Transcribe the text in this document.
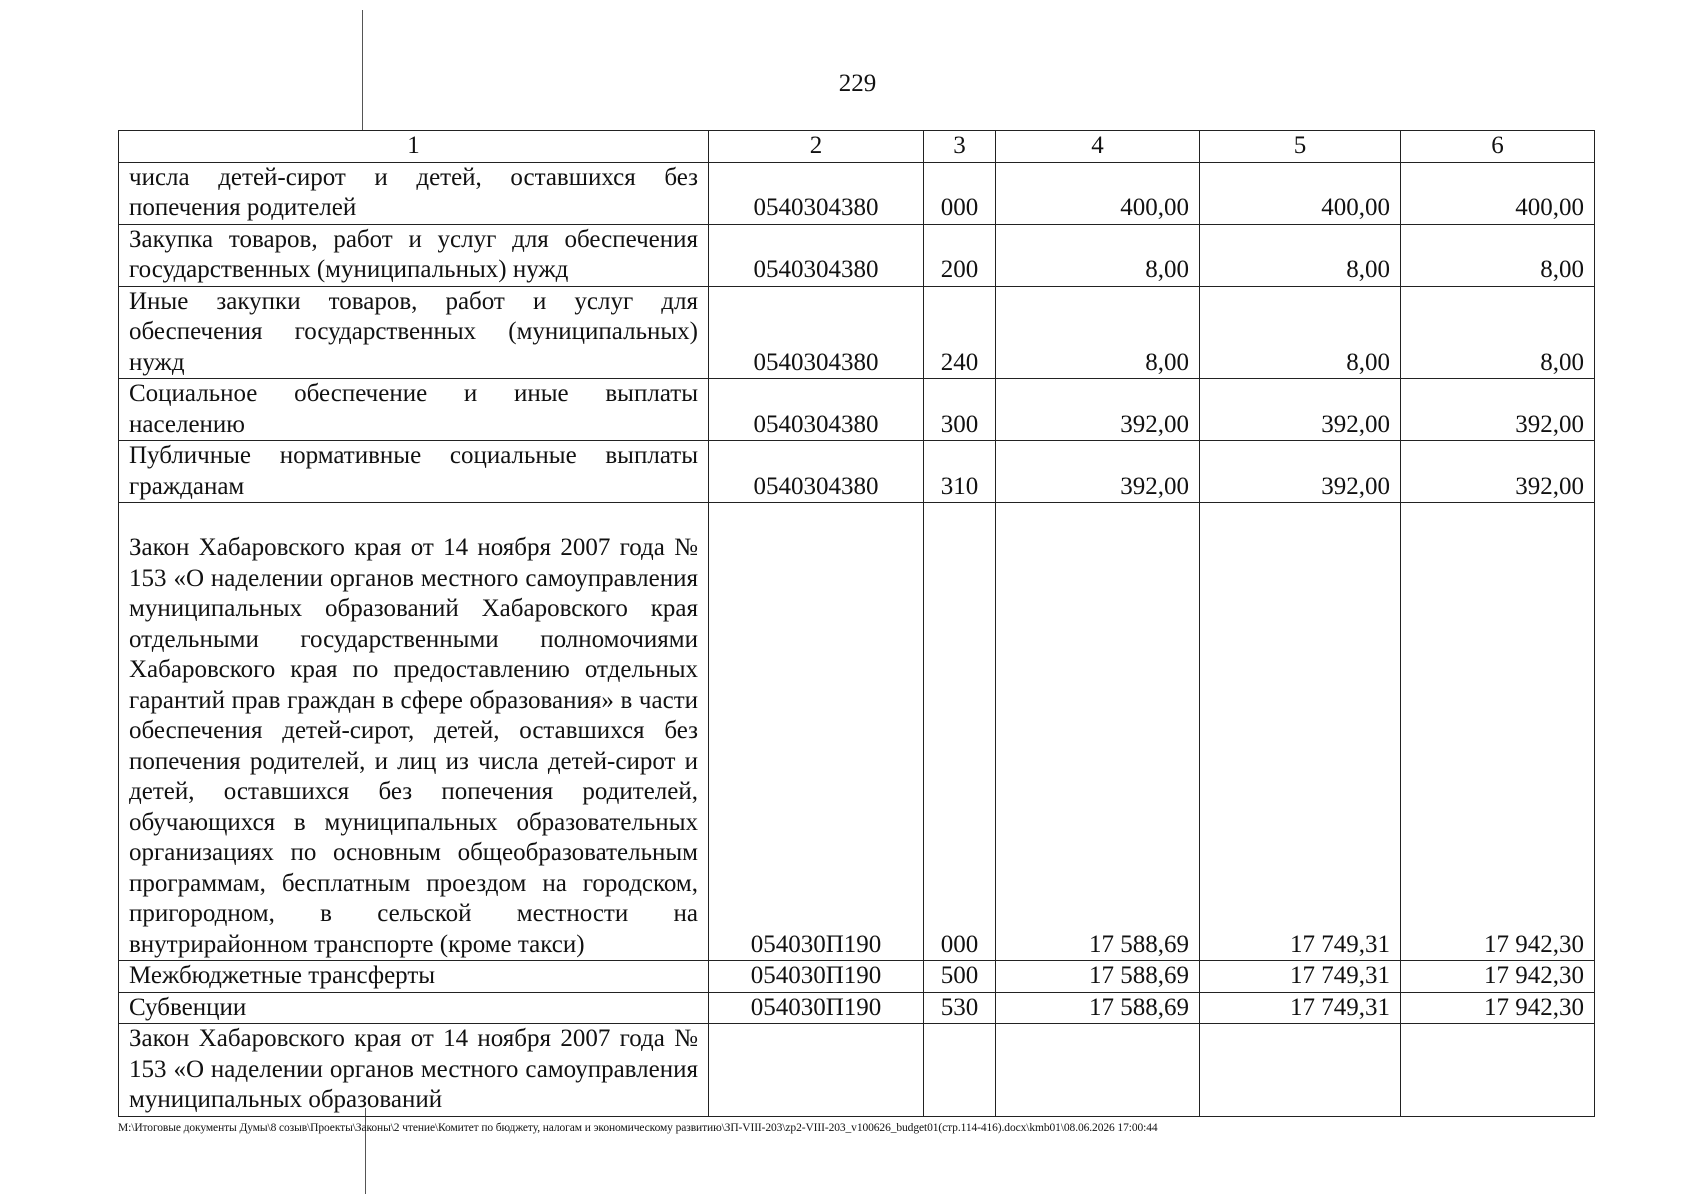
229
1	2	3	4	5	6
числа детей-сирот и детей, оставшихся без попечения родителей	0540304380	000	400,00	400,00	400,00
Закупка товаров, работ и услуг для обеспечения государственных (муниципальных) нужд	0540304380	200	8,00	8,00	8,00
Иные закупки товаров, работ и услуг для обеспечения государственных (муниципальных) нужд	0540304380	240	8,00	8,00	8,00
Социальное обеспечение и иные выплаты населению	0540304380	300	392,00	392,00	392,00
Публичные нормативные социальные выплаты гражданам	0540304380	310	392,00	392,00	392,00
Закон Хабаровского края от 14 ноября 2007 года № 153 «О наделении органов местного самоуправления муниципальных образований Хабаровского края отдельными государственными полномочиями Хабаровского края по предоставлению отдельных гарантий прав граждан в сфере образования» в части обеспечения детей-сирот, детей, оставшихся без попечения родителей, и лиц из числа детей-сирот и детей, оставшихся без попечения родителей, обучающихся в муниципальных образовательных организациях по основным общеобразовательным программам, бесплатным проездом на городском, пригородном, в сельской местности на внутрирайонном транспорте (кроме такси)	054030П190	000	17 588,69	17 749,31	17 942,30
Межбюджетные трансферты	054030П190	500	17 588,69	17 749,31	17 942,30
Субвенции	054030П190	530	17 588,69	17 749,31	17 942,30
Закон Хабаровского края от 14 ноября 2007 года № 153 «О наделении органов местного самоуправления муниципальных образований					
M:\Итоговые документы Думы\8 созыв\Проекты\Законы\2 чтение\Комитет по бюджету, налогам и экономическому развитию\ЗП-VIII-203\zp2-VIII-203_v100626_budget01(стр.114-416).docx\kmb01\08.06.2026 17:00:44
